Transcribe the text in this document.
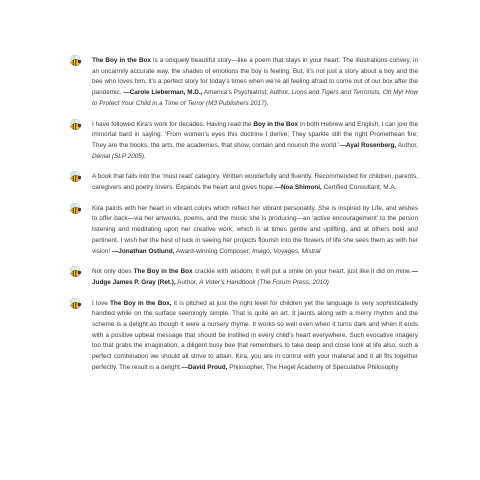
The Boy in the Box is a uniquely beautiful story—like a poem that stays in your heart. The illustrations convey, in an uncannily accurate way, the shades of emotions the boy is feeling. But, it’s not just a story about a boy and the bee who loves him, it’s a perfect story for today’s times when we’re all feeling afraid to come out of our box after the pandemic. —Carole Lieberman, M.D., America’s Psychiatrist; Author, Lions and Tigers and Terrorists, Oh My! How to Protect Your Child in a Time of Terror (M3 Publishers 2017).

I have followed Kira’s work for decades. Having read the Boy in the Box in both Hebrew and English, I can join the immortal bard in saying: ‘From women’s eyes this doctrine I derive; They sparkle still the right Promethean fire; They are the books, the arts, the academies, that show, contain and nourish the world.’—Ayal Rosenberg, Author, Denial (SLP 2005).

A book that falls into the ‘must read’ category. Written wonderfully and fluently. Recommended for children, parents, caregivers and poetry lovers. Expands the heart and gives hope.—Noa Shimoni, Certified Consultant, M.A.

Kira paints with her heart in vibrant colors which reflect her vibrant personality. She is inspired by Life, and wishes to offer back—via her artworks, poems, and the music she is producing—an ‘active encouragement’ to the person listening and meditating upon her creative work; which is at times gentle and uplifting, and at others bold and pertinent. I wish her the best of luck in seeing her projects flourish into the flowers of life she sees them as with her vision! —Jonathan Ostlund, Award-winning Composer, Imago, Voyages, Mistral

Not only does The Boy in the Box crackle with wisdom, it will put a smile on your heart, just like it did on mine.—Judge James P. Gray (Ret.), Author, A Voter’s Handbook (The Forum Press, 2010)

I love The Boy in the Box, it is pitched at just the right level for children yet the language is very sophisticatedly handled while on the surface seemingly simple. That is quite an art. It jaunts along with a merry rhythm and the scheme is a delight as though it were a nursery rhyme. It works so well even when it turns dark and when it ends with a positive upbeat message that should be instilled in every child’s heart everywhere. Such evocative imagery too that grabs the imagination, a diligent busy bee that remembers to take deep and close look at life also, such a perfect combination we should all strive to attain. Kira, you are in control with your material and it all fits together perfectly. The result is a delight.—David Proud, Philosopher, The Hegel Academy of Speculative Philosophy
